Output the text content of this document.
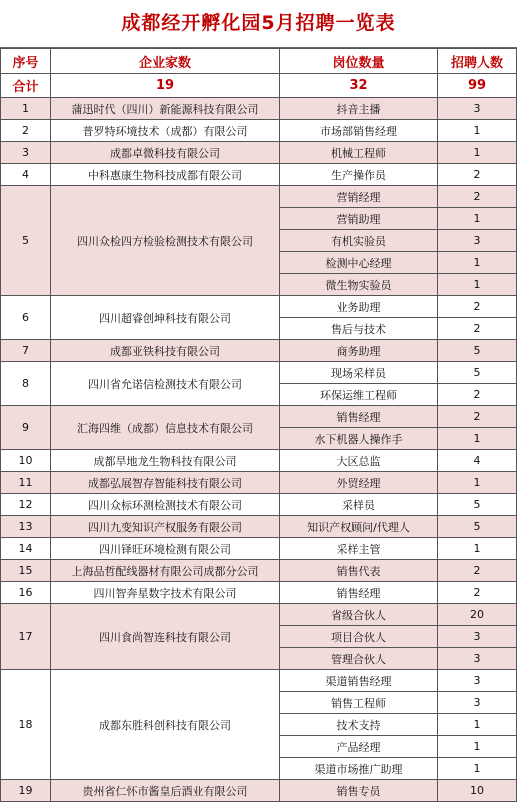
成都经开孵化园5月招聘一览表
序号	企业家数	岗位数量	招聘人数
合计	19	32	99
1	蒲迅时代（四川）新能源科技有限公司	抖音主播	3
2	普罗特环境技术（成都）有限公司	市场部销售经理	1
3	成都卓微科技有限公司	机械工程师	1
4	中科惠康生物科技成都有限公司	生产操作员	2
5	四川众检四方检验检测技术有限公司	营销经理	2
		营销助理	1
		有机实验员	3
		检测中心经理	1
		微生物实验员	1
6	四川超睿创坤科技有限公司	业务助理	2
		售后与技术	2
7	成都亚铁科技有限公司	商务助理	5
8	四川省允诺信检测技术有限公司	现场采样员	5
		环保运维工程师	2
9	汇海四维（成都）信息技术有限公司	销售经理	2
		水下机器人操作手	1
10	成都旱地龙生物科技有限公司	大区总监	4
11	成都弘展智存智能科技有限公司	外贸经理	1
12	四川众标环测检测技术有限公司	采样员	5
13	四川九变知识产权服务有限公司	知识产权顾问/代理人	5
14	四川铎旺环境检测有限公司	采样主管	1
15	上海品哲配线器材有限公司成都分公司	销售代表	2
16	四川智奔星数字技术有限公司	销售经理	2
17	四川食尚智连科技有限公司	省级合伙人	20
		项目合伙人	3
		管理合伙人	3
18	成都东胜科创科技有限公司	渠道销售经理	3
		销售工程师	3
		技术支持	1
		产品经理	1
		渠道市场推广助理	1
19	贵州省仁怀市酱皇后酒业有限公司	销售专员	10
